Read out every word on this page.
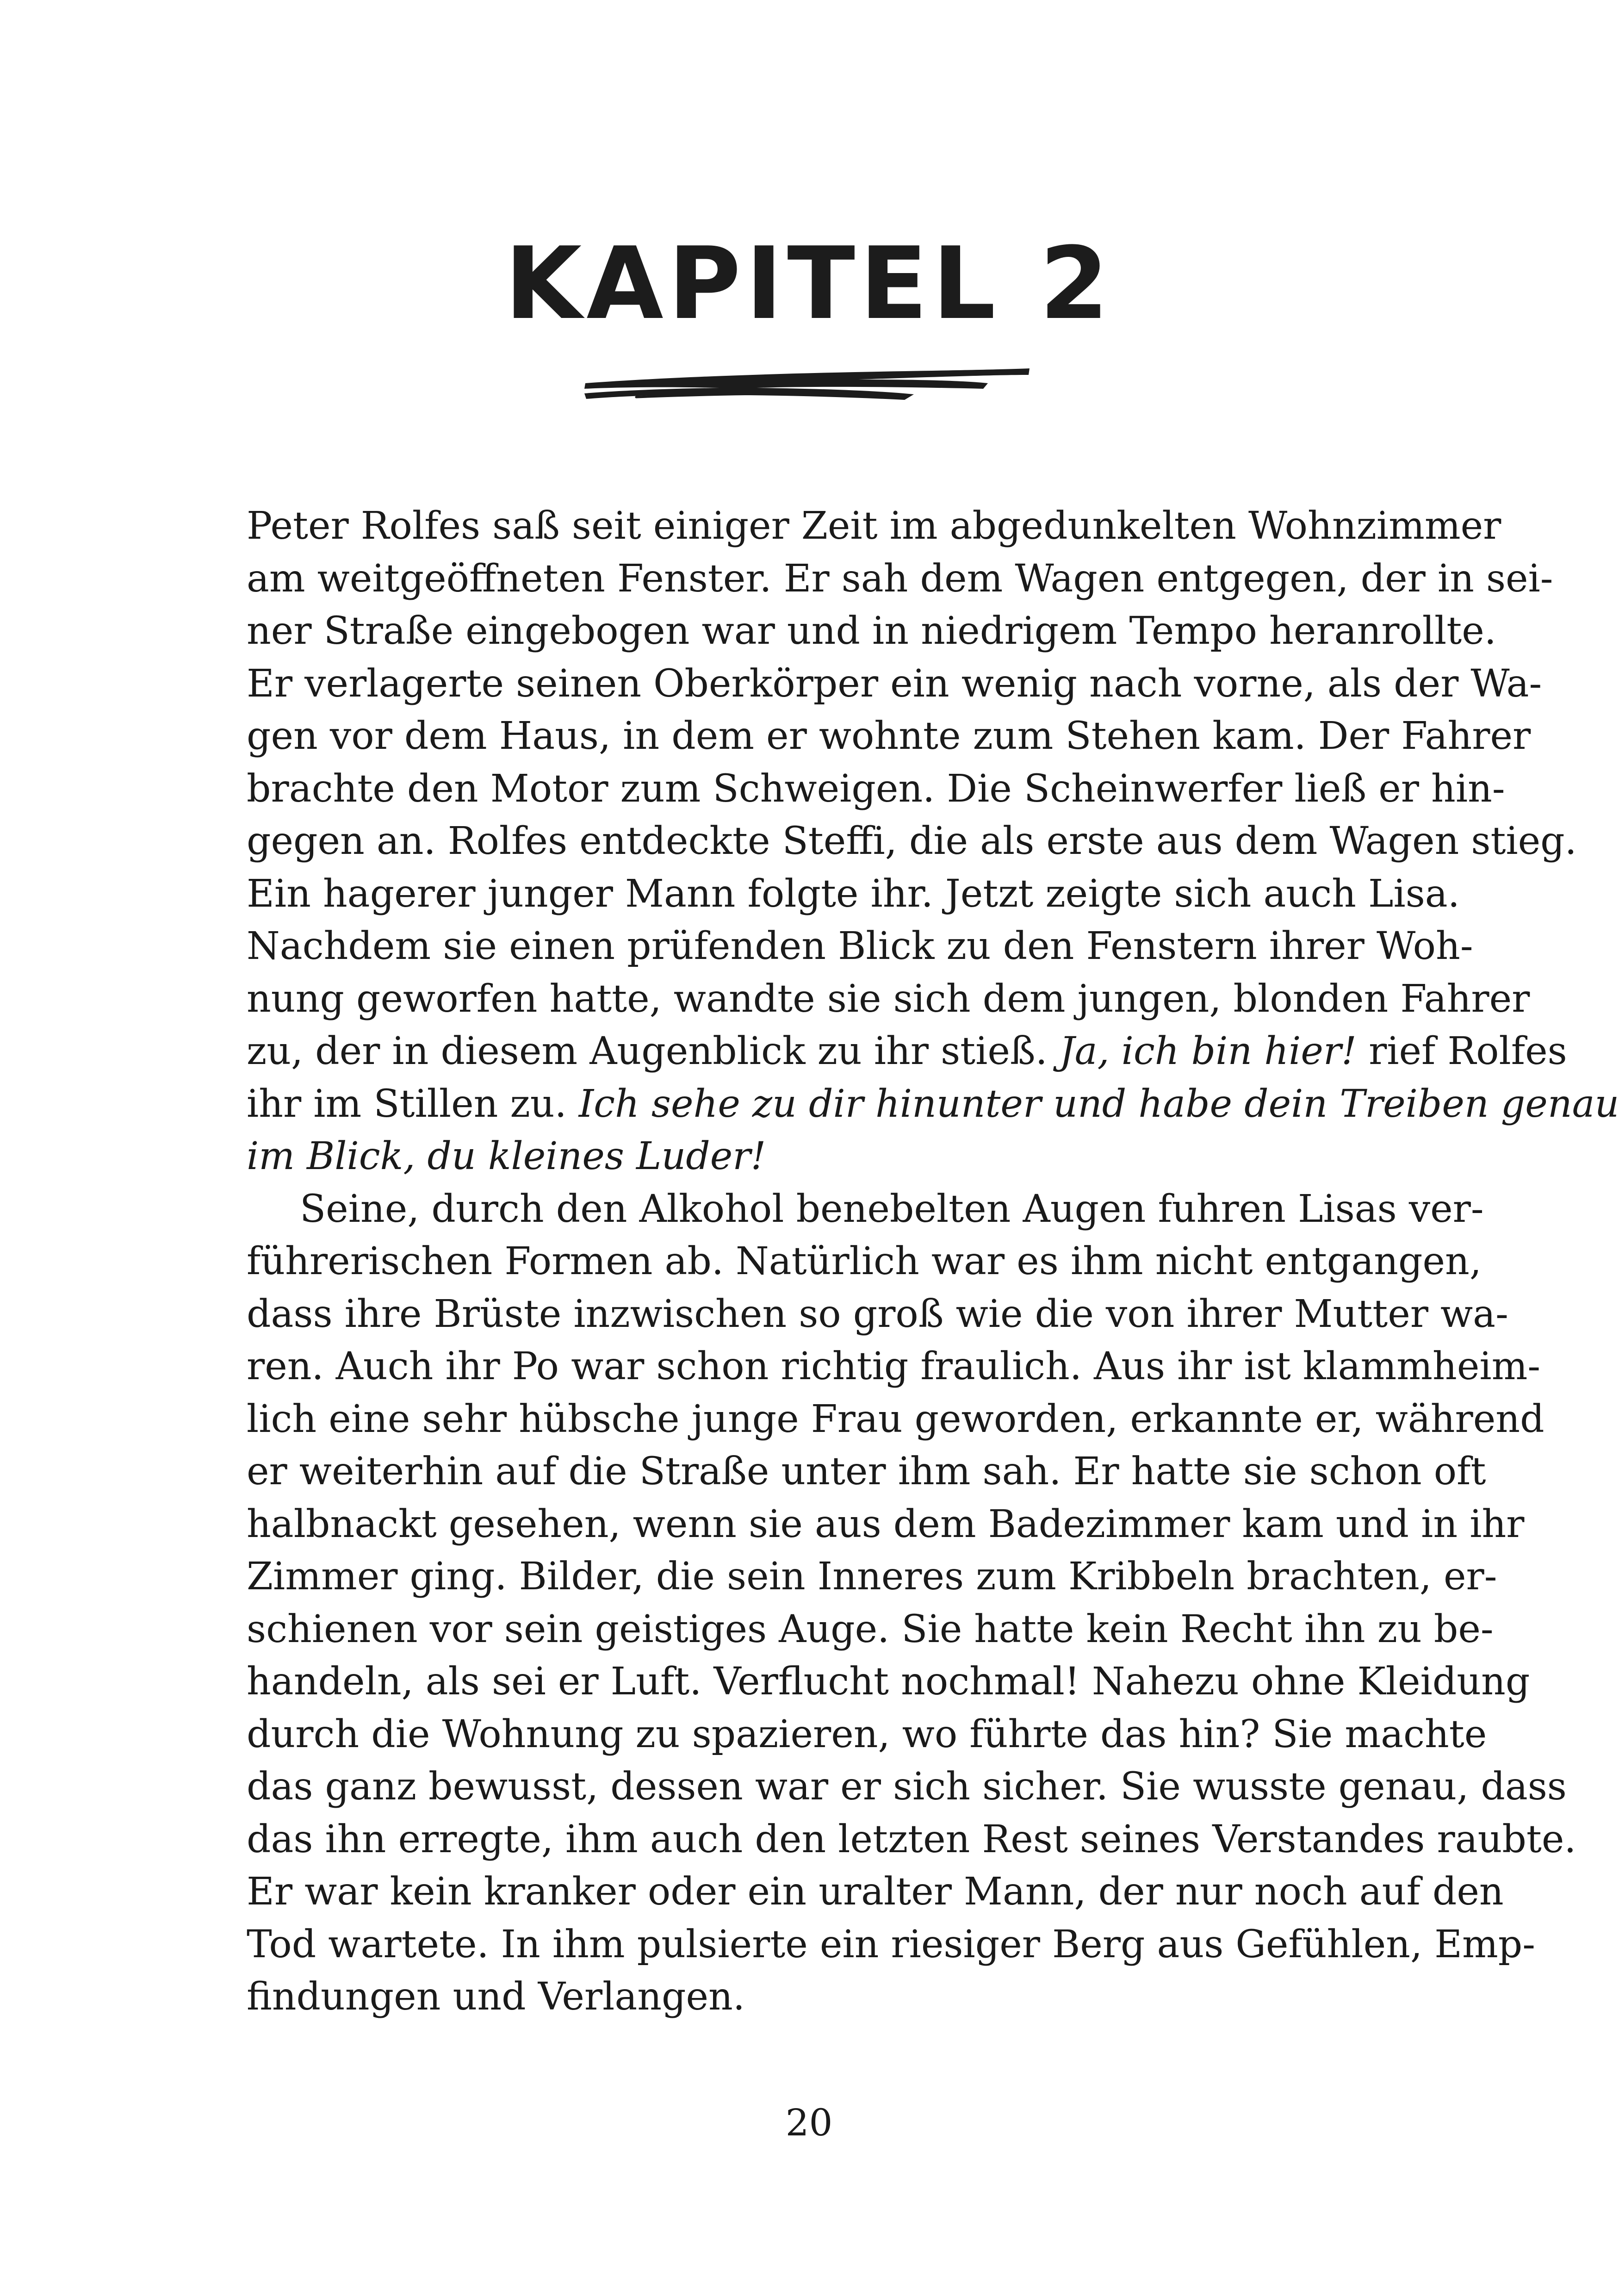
KAPITEL 2
Peter Rolfes saß seit einiger Zeit im abgedunkelten Wohnzimmer
am weitgeöffneten Fenster. Er sah dem Wagen entgegen, der in sei-
ner Straße eingebogen war und in niedrigem Tempo heranrollte.
Er verlagerte seinen Oberkörper ein wenig nach vorne, als der Wa-
gen vor dem Haus, in dem er wohnte zum Stehen kam. Der Fahrer
brachte den Motor zum Schweigen. Die Scheinwerfer ließ er hin-
gegen an. Rolfes entdeckte Steffi, die als erste aus dem Wagen stieg.
Ein hagerer junger Mann folgte ihr. Jetzt zeigte sich auch Lisa.
Nachdem sie einen prüfenden Blick zu den Fenstern ihrer Woh-
nung geworfen hatte, wandte sie sich dem jungen, blonden Fahrer
zu, der in diesem Augenblick zu ihr stieß. Ja, ich bin hier! rief Rolfes
ihr im Stillen zu. Ich sehe zu dir hinunter und habe dein Treiben genau
im Blick, du kleines Luder!
Seine, durch den Alkohol benebelten Augen fuhren Lisas ver-
führerischen Formen ab. Natürlich war es ihm nicht entgangen,
dass ihre Brüste inzwischen so groß wie die von ihrer Mutter wa-
ren. Auch ihr Po war schon richtig fraulich. Aus ihr ist klammheim-
lich eine sehr hübsche junge Frau geworden, erkannte er, während
er weiterhin auf die Straße unter ihm sah. Er hatte sie schon oft
halbnackt gesehen, wenn sie aus dem Badezimmer kam und in ihr
Zimmer ging. Bilder, die sein Inneres zum Kribbeln brachten, er-
schienen vor sein geistiges Auge. Sie hatte kein Recht ihn zu be-
handeln, als sei er Luft. Verflucht nochmal! Nahezu ohne Kleidung
durch die Wohnung zu spazieren, wo führte das hin? Sie machte
das ganz bewusst, dessen war er sich sicher. Sie wusste genau, dass
das ihn erregte, ihm auch den letzten Rest seines Verstandes raubte.
Er war kein kranker oder ein uralter Mann, der nur noch auf den
Tod wartete. In ihm pulsierte ein riesiger Berg aus Gefühlen, Emp-
findungen und Verlangen.
20
